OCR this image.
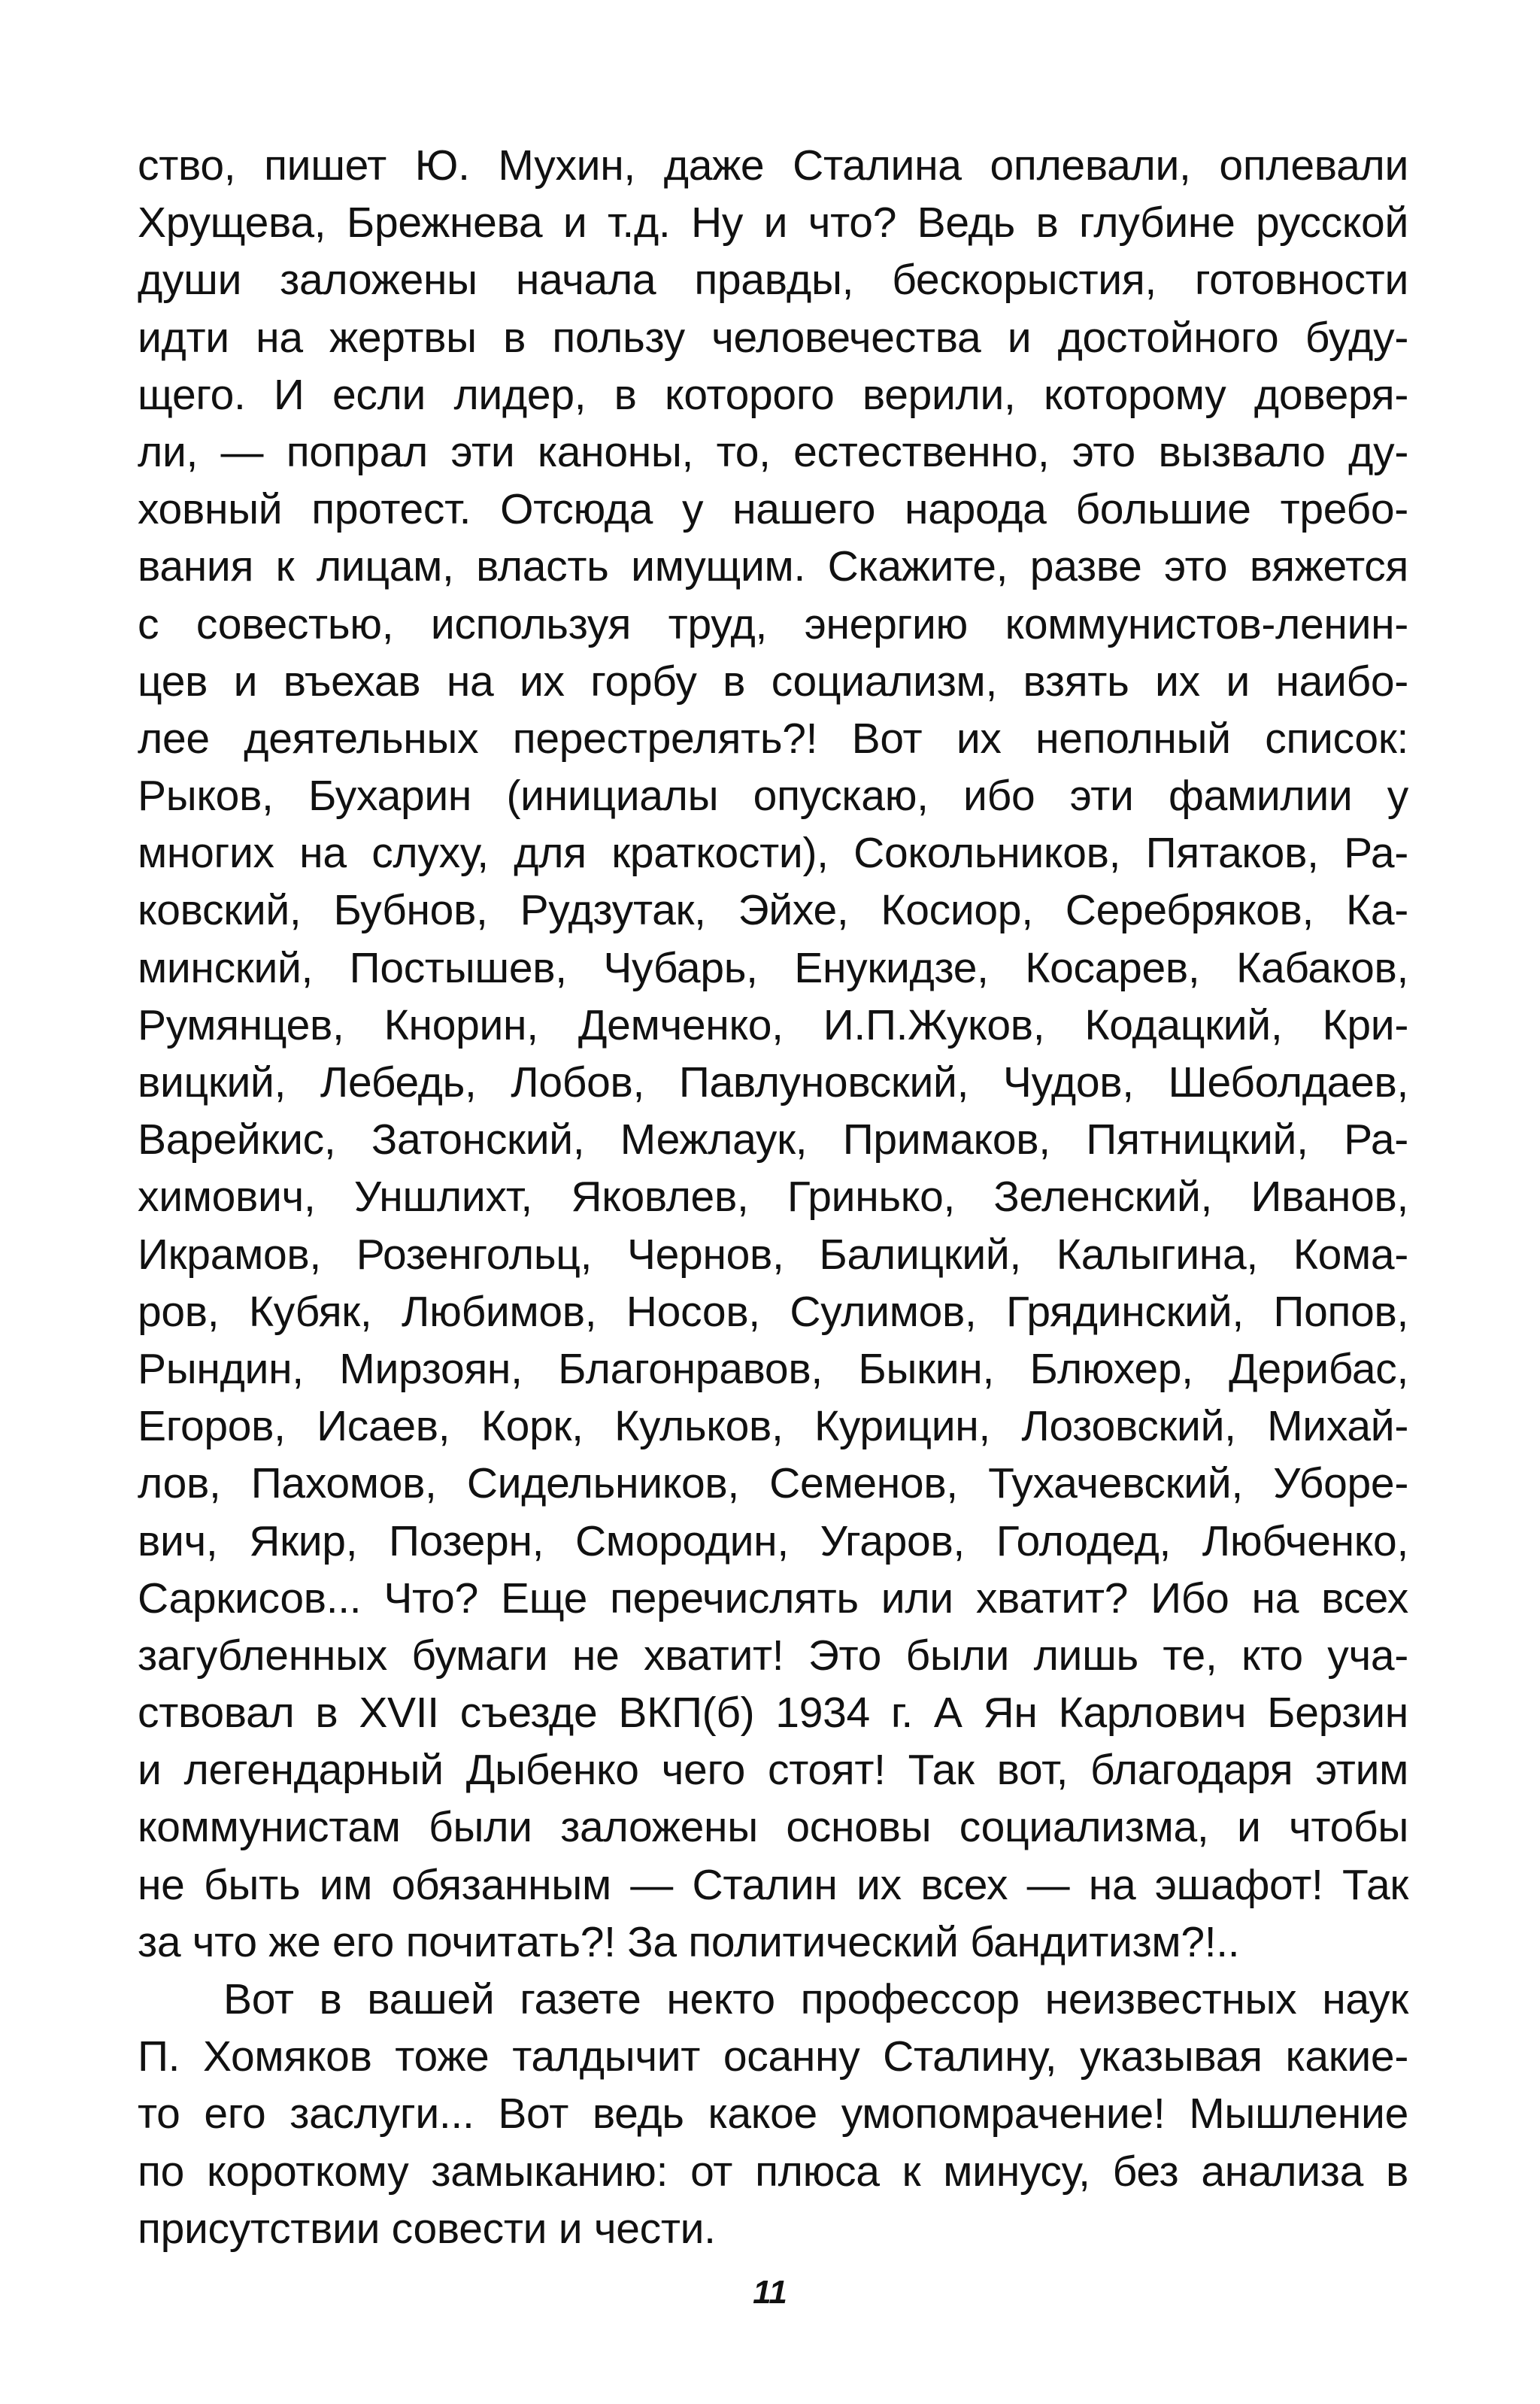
ство, пишет Ю. Мухин, даже Сталина оплевали, оплевали
Хрущева, Брежнева и т.д. Ну и что? Ведь в глубине русской
души заложены начала правды, бескорыстия, готовности
идти на жертвы в пользу человечества и достойного буду-
щего. И если лидер, в которого верили, которому доверя-
ли, — попрал эти каноны, то, естественно, это вызвало ду-
ховный протест. Отсюда у нашего народа большие требо-
вания к лицам, власть имущим. Скажите, разве это вяжется
с совестью, используя труд, энергию коммунистов-ленин-
цев и въехав на их горбу в социализм, взять их и наибо-
лее деятельных перестрелять?! Вот их неполный список:
Рыков, Бухарин (инициалы опускаю, ибо эти фамилии у
многих на слуху, для краткости), Сокольников, Пятаков, Ра-
ковский, Бубнов, Рудзутак, Эйхе, Косиор, Серебряков, Ка-
минский, Постышев, Чубарь, Енукидзе, Косарев, Кабаков,
Румянцев, Кнорин, Демченко, И.П.Жуков, Кодацкий, Кри-
вицкий, Лебедь, Лобов, Павлуновский, Чудов, Шеболдаев,
Варейкис, Затонский, Межлаук, Примаков, Пятницкий, Ра-
химович, Уншлихт, Яковлев, Гринько, Зеленский, Иванов,
Икрамов, Розенгольц, Чернов, Балицкий, Калыгина, Кома-
ров, Кубяк, Любимов, Носов, Сулимов, Грядинский, Попов,
Рындин, Мирзоян, Благонравов, Быкин, Блюхер, Дерибас,
Егоров, Исаев, Корк, Кульков, Курицин, Лозовский, Михай-
лов, Пахомов, Сидельников, Семенов, Тухачевский, Уборе-
вич, Якир, Позерн, Смородин, Угаров, Голодед, Любченко,
Саркисов... Что? Еще перечислять или хватит? Ибо на всех
загубленных бумаги не хватит! Это были лишь те, кто уча-
ствовал в XVII съезде ВКП(б) 1934 г. А Ян Карлович Берзин
и легендарный Дыбенко чего стоят! Так вот, благодаря этим
коммунистам были заложены основы социализма, и чтобы
не быть им обязанным — Сталин их всех — на эшафот! Так
за что же его почитать?! За политический бандитизм?!..
Вот в вашей газете некто профессор неизвестных наук
П. Хомяков тоже талдычит осанну Сталину, указывая какие-
то его заслуги... Вот ведь какое умопомрачение! Мышление
по короткому замыканию: от плюса к минусу, без анализа в
присутствии совести и чести.
11
